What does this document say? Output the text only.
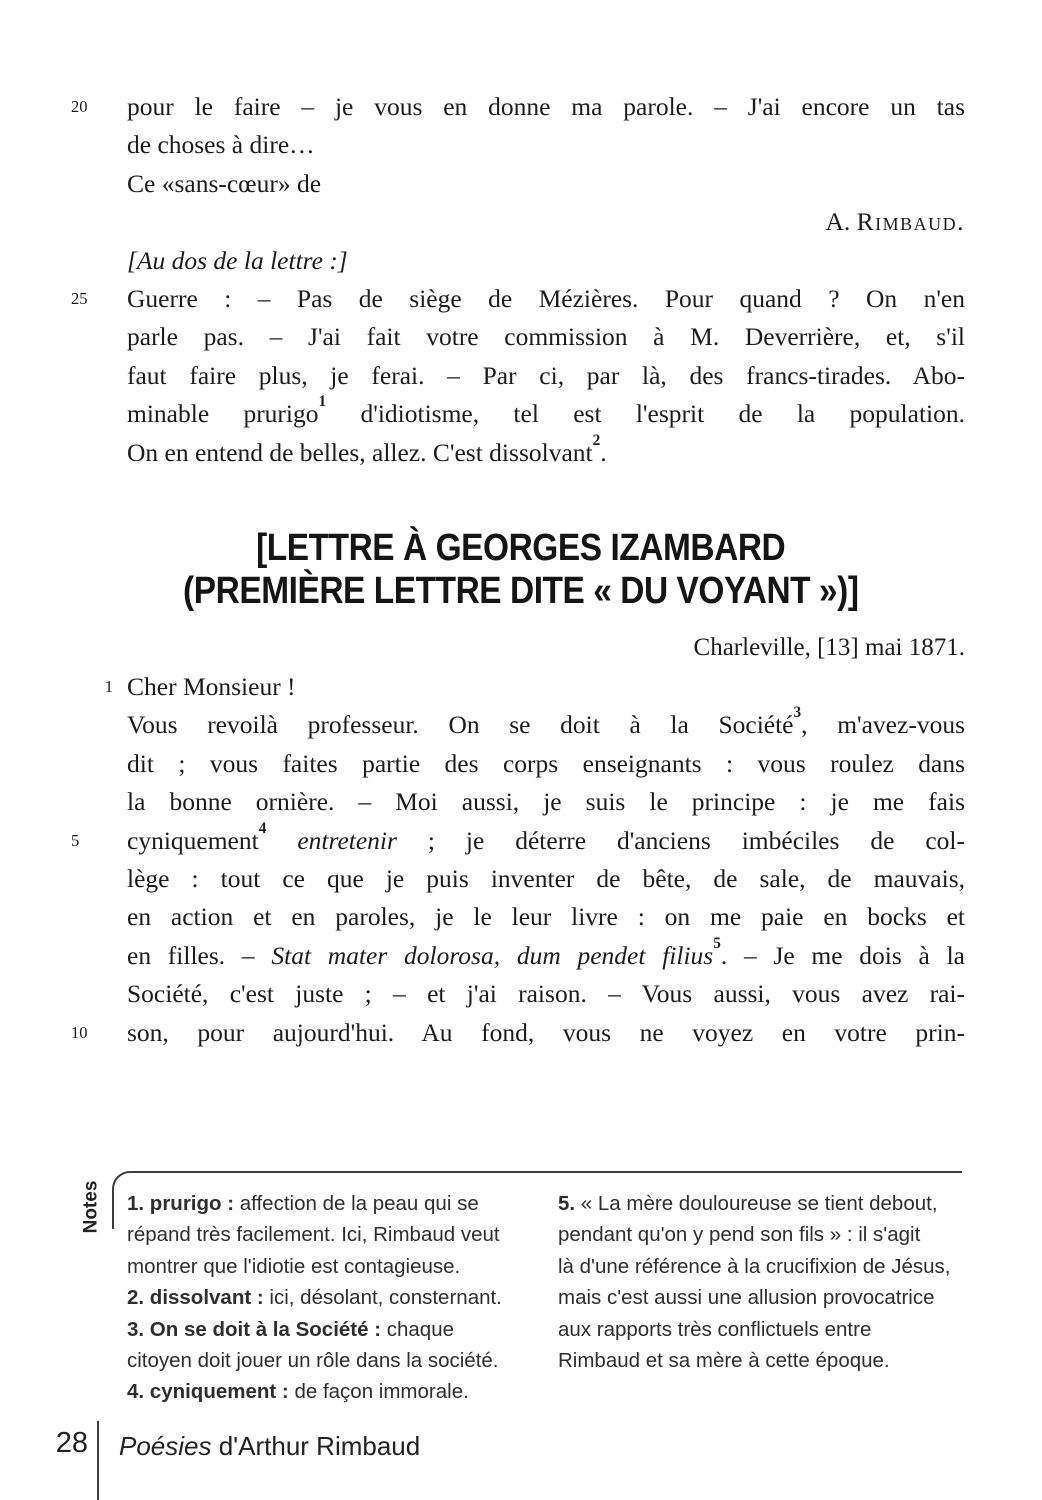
20	pour le faire – je vous en donne ma parole. – J'ai encore un tas
de choses à dire…
Ce «sans-cœur» de
A. Rimbaud.
[Au dos de la lettre :]
25	Guerre : – Pas de siège de Mézières. Pour quand ? On n'en
parle pas. – J'ai fait votre commission à M. Deverrière, et, s'il
faut faire plus, je ferai. – Par ci, par là, des francs-tirades. Abo-
minable prurigo$^1$ d'idiotisme, tel est l'esprit de la population.
On en entend de belles, allez. C'est dissolvant$^2$.
[LETTRE À GEORGES IZAMBARD
(PREMIÈRE LETTRE DITE « DU VOYANT »)]
Charleville, [13] mai 1871.
1 Cher Monsieur !
Vous revoilà professeur. On se doit à la Société$^3$, m'avez-vous
dit ; vous faites partie des corps enseignants : vous roulez dans
la bonne ornière. – Moi aussi, je suis le principe : je me fais
5	cyniquement$^4$ entretenir ; je déterre d'anciens imbéciles de col-
lège : tout ce que je puis inventer de bête, de sale, de mauvais,
en action et en paroles, je le leur livre : on me paie en bocks et
en filles. – Stat mater dolorosa, dum pendet filius$^5$. – Je me dois à la
Société, c'est juste ; – et j'ai raison. – Vous aussi, vous avez rai-
10	son, pour aujourd'hui. Au fond, vous ne voyez en votre prin-
Notes 1. prurigo : affection de la peau qui se
répand très facilement. Ici, Rimbaud veut
montrer que l'idiotie est contagieuse.
2. dissolvant : ici, désolant, consternant.
3. On se doit à la Société : chaque
citoyen doit jouer un rôle dans la société.
4. cyniquement : de façon immorale.
5. « La mère douloureuse se tient debout,
pendant qu'on y pend son fils » : il s'agit
là d'une référence à la crucifixion de Jésus,
mais c'est aussi une allusion provocatrice
aux rapports très conflictuels entre
Rimbaud et sa mère à cette époque.
28 Poésies d'Arthur Rimbaud
